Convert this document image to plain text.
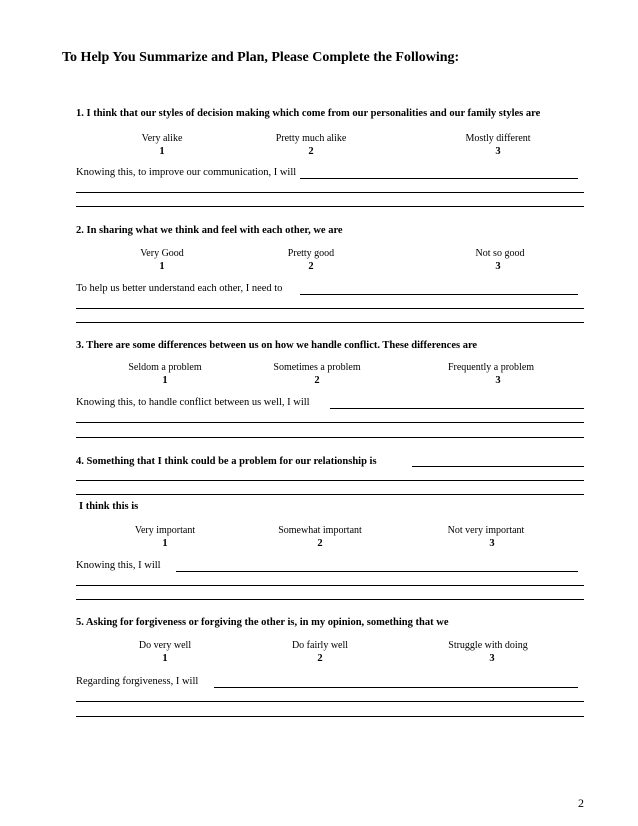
To Help You Summarize and Plan, Please Complete the Following:
1. I think that our styles of decision making which come from our personalities and our family styles are
Very alike	Pretty much alike	Mostly different
1	2	3
Knowing this, to improve our communication, I will
2. In sharing what we think and feel with each other, we are
Very Good	Pretty good	Not so good
1	2	3
To help us better understand each other, I need to
3. There are some differences between us on how we handle conflict. These differences are
Seldom a problem	Sometimes a problem	Frequently a problem
1	2	3
Knowing this, to handle conflict between us well, I will
4. Something that I think could be a problem for our relationship is
I think this is
Very important	Somewhat important	Not very important
1	2	3
Knowing this, I will
5. Asking for forgiveness or forgiving the other is, in my opinion, something that we
Do very well	Do fairly well	Struggle with doing
1	2	3
Regarding forgiveness, I will
2
